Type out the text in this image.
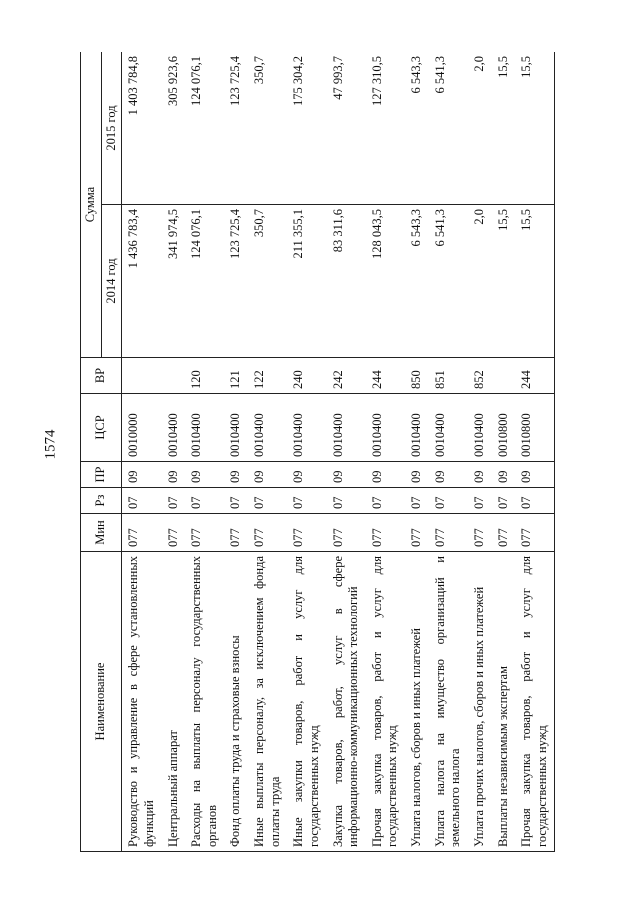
1574
Наименование	Мин	Рз	ПР	ЦСР	ВР	Сумма	
						2014 год	2015 год
Руководство и управление в сфере установленных функций	077	07	09	0010000		1 436 783,4	1 403 784,8
Центральный аппарат	077	07	09	0010400		341 974,5	305 923,6
Расходы на выплаты персоналу государственных органов	077	07	09	0010400	120	124 076,1	124 076,1
Фонд оплаты труда и страховые взносы	077	07	09	0010400	121	123 725,4	123 725,4
Иные выплаты персоналу, за исключением фонда оплаты труда	077	07	09	0010400	122	350,7	350,7
Иные закупки товаров, работ и услуг для государственных нужд	077	07	09	0010400	240	211 355,1	175 304,2
Закупка товаров, работ, услуг в сфере информационно-коммуникационных технологий	077	07	09	0010400	242	83 311,6	47 993,7
Прочая закупка товаров, работ и услуг для государственных нужд	077	07	09	0010400	244	128 043,5	127 310,5
Уплата налогов, сборов и иных платежей	077	07	09	0010400	850	6 543,3	6 543,3
Уплата налога на имущество организаций и земельного налога	077	07	09	0010400	851	6 541,3	6 541,3
Уплата прочих налогов, сборов и иных платежей	077	07	09	0010400	852	2,0	2,0
Выплаты независимым экспертам	077	07	09	0010800		15,5	15,5
Прочая закупка товаров, работ и услуг для государственных нужд	077	07	09	0010800	244	15,5	15,5
